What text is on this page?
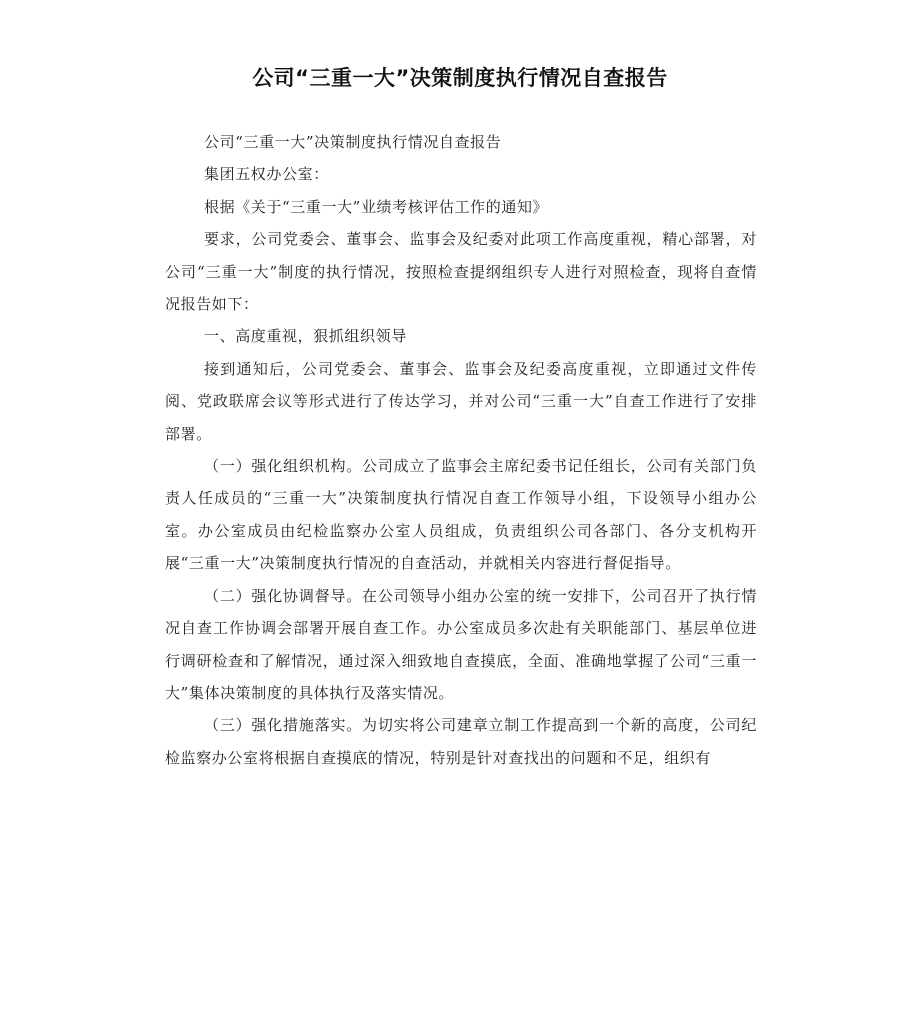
公司“三重一大”决策制度执行情况自查报告

公司“三重一大”决策制度执行情况自查报告

集团五权办公室：

根据《关于“三重一大”业绩考核评估工作的通知》

要求，公司党委会、董事会、监事会及纪委对此项工作高度重视，精心部署，对公司“三重一大”制度的执行情况，按照检查提纲组织专人进行对照检查，现将自查情况报告如下：

一、高度重视，狠抓组织领导

接到通知后，公司党委会、董事会、监事会及纪委高度重视，立即通过文件传阅、党政联席会议等形式进行了传达学习，并对公司“三重一大”自查工作进行了安排部署。

（一）强化组织机构。公司成立了监事会主席纪委书记任组长，公司有关部门负责人任成员的“三重一大”决策制度执行情况自查工作领导小组，下设领导小组办公室。办公室成员由纪检监察办公室人员组成，负责组织公司各部门、各分支机构开展“三重一大”决策制度执行情况的自查活动，并就相关内容进行督促指导。

（二）强化协调督导。在公司领导小组办公室的统一安排下，公司召开了执行情况自查工作协调会部署开展自查工作。办公室成员多次赴有关职能部门、基层单位进行调研检查和了解情况，通过深入细致地自查摸底，全面、准确地掌握了公司“三重一大”集体决策制度的具体执行及落实情况。

（三）强化措施落实。为切实将公司建章立制工作提高到一个新的高度，公司纪检监察办公室将根据自查摸底的情况，特别是针对查找出的问题和不足，组织有
